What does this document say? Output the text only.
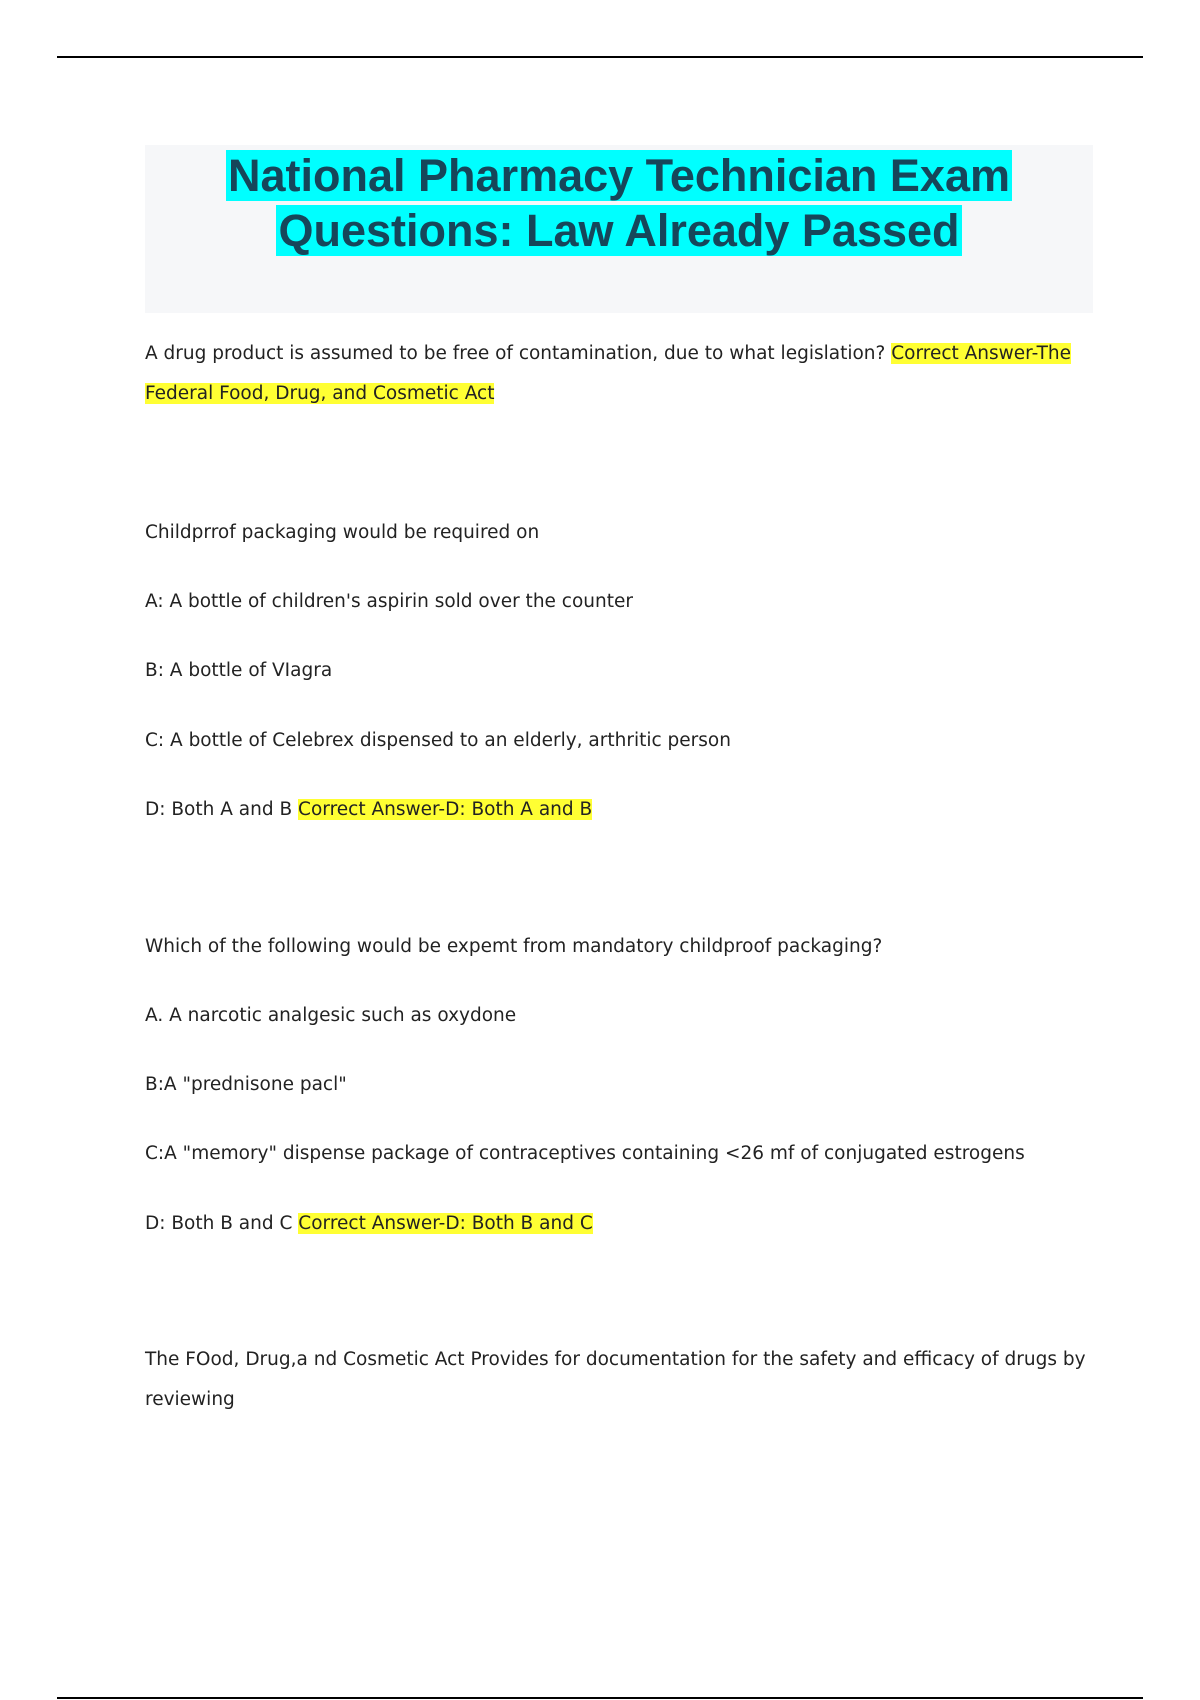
National Pharmacy Technician Exam
Questions: Law Already Passed
A drug product is assumed to be free of contamination, due to what legislation? Correct Answer-The Federal Food, Drug, and Cosmetic Act
Childprrof packaging would be required on
A: A bottle of children's aspirin sold over the counter
B: A bottle of VIagra
C: A bottle of Celebrex dispensed to an elderly, arthritic person
D: Both A and B Correct Answer-D: Both A and B
Which of the following would be expemt from mandatory childproof packaging?
A. A narcotic analgesic such as oxydone
B:A "prednisone pacl"
C:A "memory" dispense package of contraceptives containing <26 mf of conjugated estrogens
D: Both B and C Correct Answer-D: Both B and C
The FOod, Drug,a nd Cosmetic Act Provides for documentation for the safety and efficacy of drugs by reviewing
